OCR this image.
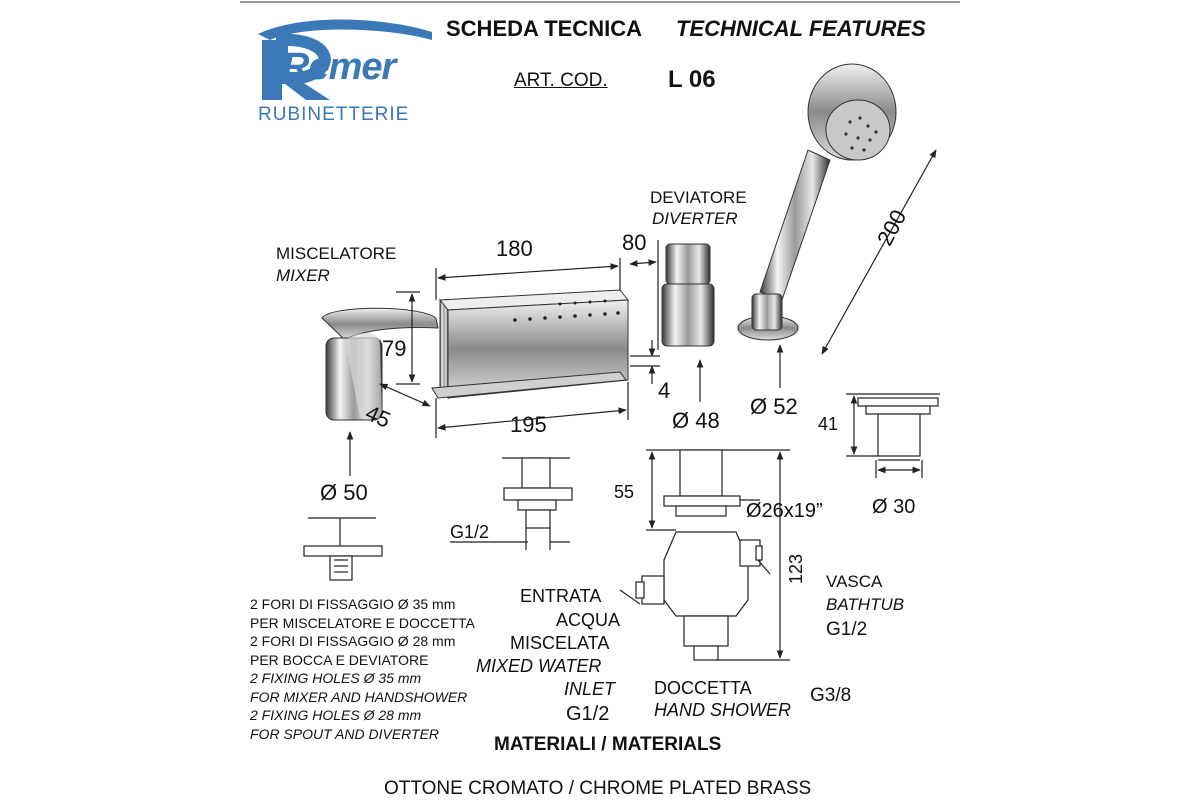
Remer
RUBINETTERIE
SCHEDA TECNICA TECHNICAL FEATURES
ART. COD.	L 06
MISCELATORE
MIXER
DEVIATORE
DIVERTER
180	80	200
79
45	195
4
Ø 48
Ø 52
Ø 50
G1/2
55
Ø26x19”
123
41
Ø 30
ENTRATA
ACQUA
MISCELATA
MIXED WATER
INLET
G1/2
VASCA
BATHTUB
G1/2
DOCCETTA
HAND SHOWER
G3/8
2 FORI DI FISSAGGIO Ø 35 mm
PER MISCELATORE E DOCCETTA
2 FORI DI FISSAGGIO Ø 28 mm
PER BOCCA E DEVIATORE
2 FIXING HOLES Ø 35 mm
FOR MIXER AND HANDSHOWER
2 FIXING HOLES Ø 28 mm
FOR SPOUT AND DIVERTER	MATERIALI / MATERIALS
OTTONE CROMATO / CHROME PLATED BRASS
